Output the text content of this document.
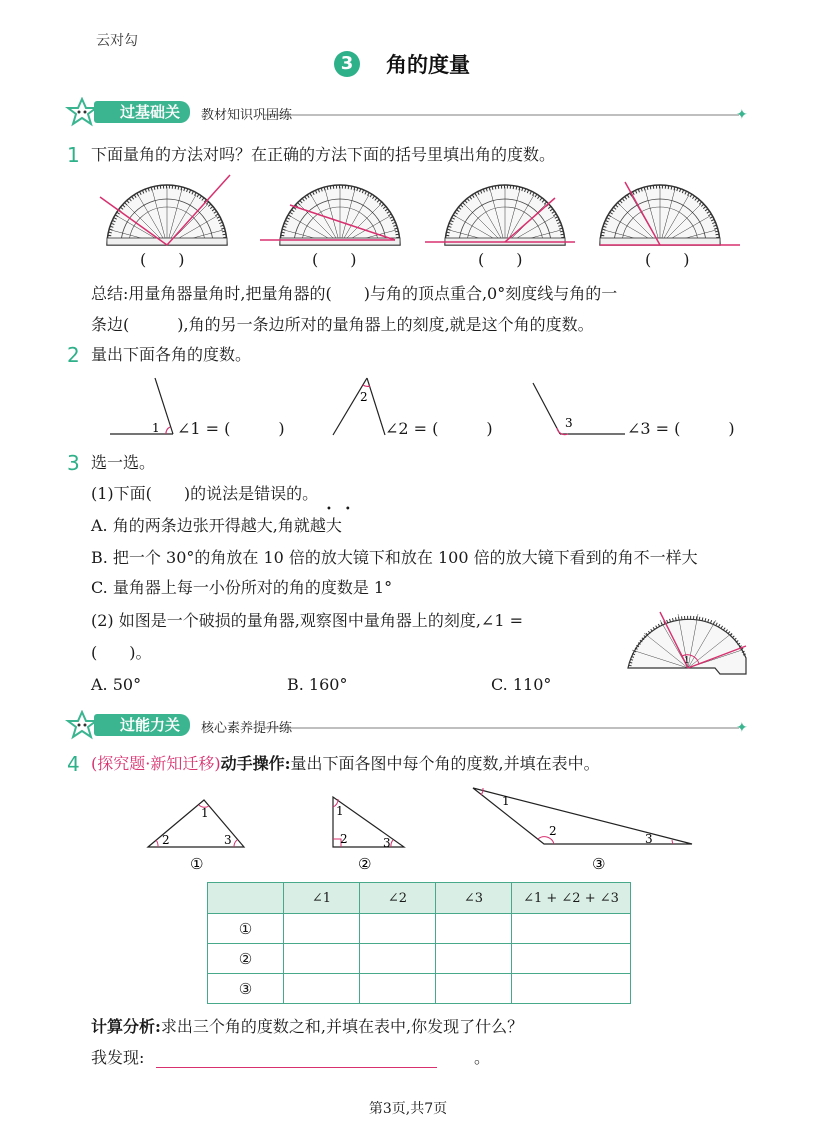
云对勾
3	角的度量
✦
过基础关	教材知识巩固练
1 下面量角的方法对吗？在正确的方法下面的括号里填出角的度数。
(　　)	(　　)	(　　)	(　　)
总结:用量角器量角时,把量角器的(　　)与角的顶点重合,0°刻度线与角的一
条边(　　　),角的另一条边所对的量角器上的刻度,就是这个角的度数。
2 量出下面各角的度数。
1
2
3
∠1 = (　　　)	∠2 = (　　　)	∠3 = (　　　)
3 选一选。
(1)下面(　　)的说法是错误的。
••
A. 角的两条边张开得越大,角就越大
B. 把一个 30°的角放在 10 倍的放大镜下和放在 100 倍的放大镜下看到的角不一样大
C. 量角器上每一小份所对的角的度数是 1°
(2) 如图是一个破损的量角器,观察图中量角器上的刻度,∠1 =
(　　)。
A. 50°	B. 160°	C. 110°
1
✦
过能力关	核心素养提升练
4 (探究题·新知迁移)动手操作:量出下面各图中每个角的度数,并填在表中。
1
2	3
①
1
2	3
②
1
2
3
③
	∠1	∠2	∠3	∠1 + ∠2 + ∠3
①				
②				
③				
计算分析:求出三个角的度数之和,并填在表中,你发现了什么？
我发现:	。
第3页,共7页
